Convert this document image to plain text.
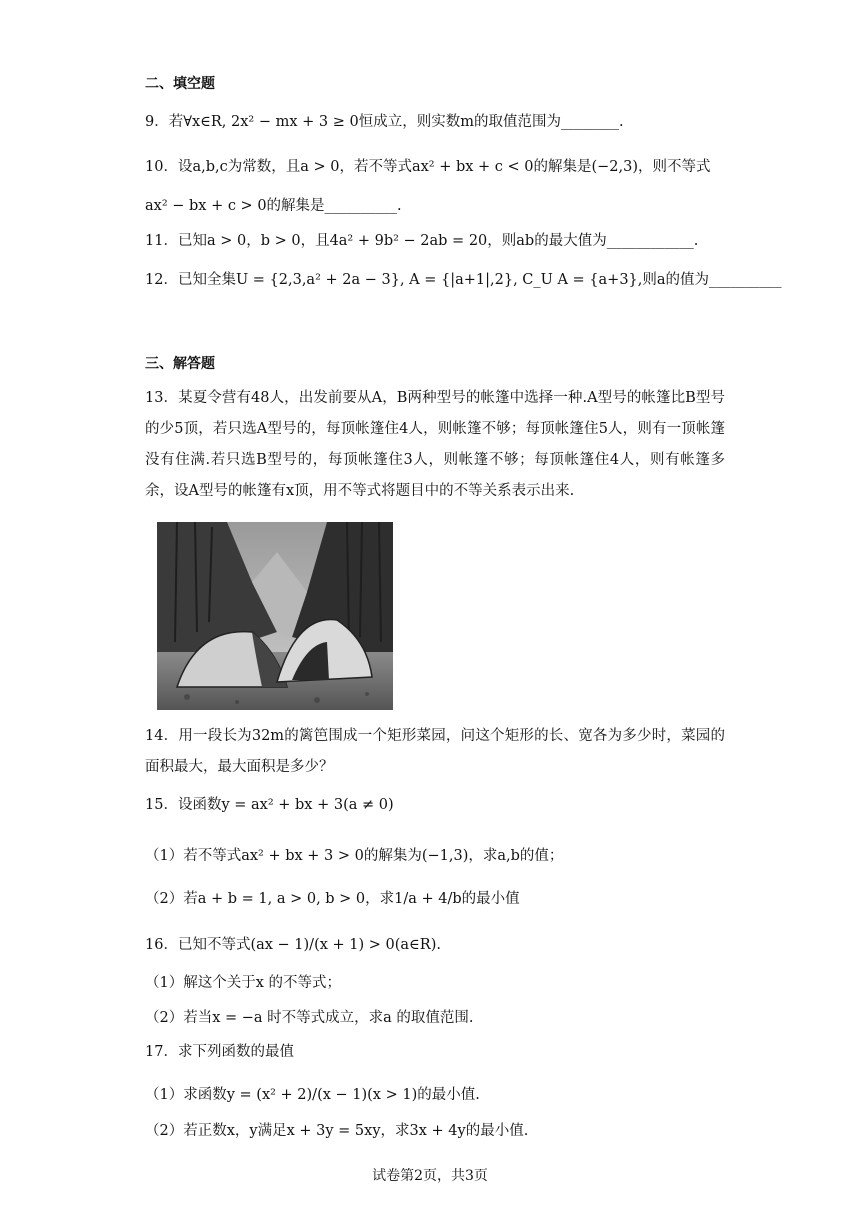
二、填空题
9．若∀x∈R, 2x² − mx + 3 ≥ 0恒成立，则实数m的取值范围为________.
10．设a,b,c为常数，且a > 0，若不等式ax² + bx + c < 0的解集是(−2,3)，则不等式
ax² − bx + c > 0的解集是__________.
11．已知a > 0，b > 0，且4a² + 9b² − 2ab = 20，则ab的最大值为____________.
12．已知全集U = {2,3,a² + 2a − 3}, A = {|a+1|,2}, C_U A = {a+3},则a的值为__________
三、解答题
13．某夏令营有48人，出发前要从A，B两种型号的帐篷中选择一种.A型号的帐篷比B型号的少5顶，若只选A型号的，每顶帐篷住4人，则帐篷不够；每顶帐篷住5人，则有一顶帐篷没有住满.若只选B型号的，每顶帐篷住3人，则帐篷不够；每顶帐篷住4人，则有帐篷多余，设A型号的帐篷有x顶，用不等式将题目中的不等关系表示出来.
14．用一段长为32m的篱笆围成一个矩形菜园，问这个矩形的长、宽各为多少时，菜园的面积最大，最大面积是多少？
15．设函数y = ax² + bx + 3(a ≠ 0)
（1）若不等式ax² + bx + 3 > 0的解集为(−1,3)，求a,b的值；
（2）若a + b = 1, a > 0, b > 0，求1/a + 4/b的最小值
16．已知不等式(ax − 1)/(x + 1) > 0(a∈R).
（1）解这个关于x 的不等式；
（2）若当x = −a 时不等式成立，求a 的取值范围.
17．求下列函数的最值
（1）求函数y = (x² + 2)/(x − 1)(x > 1)的最小值.
（2）若正数x，y满足x + 3y = 5xy，求3x + 4y的最小值.
试卷第2页，共3页
